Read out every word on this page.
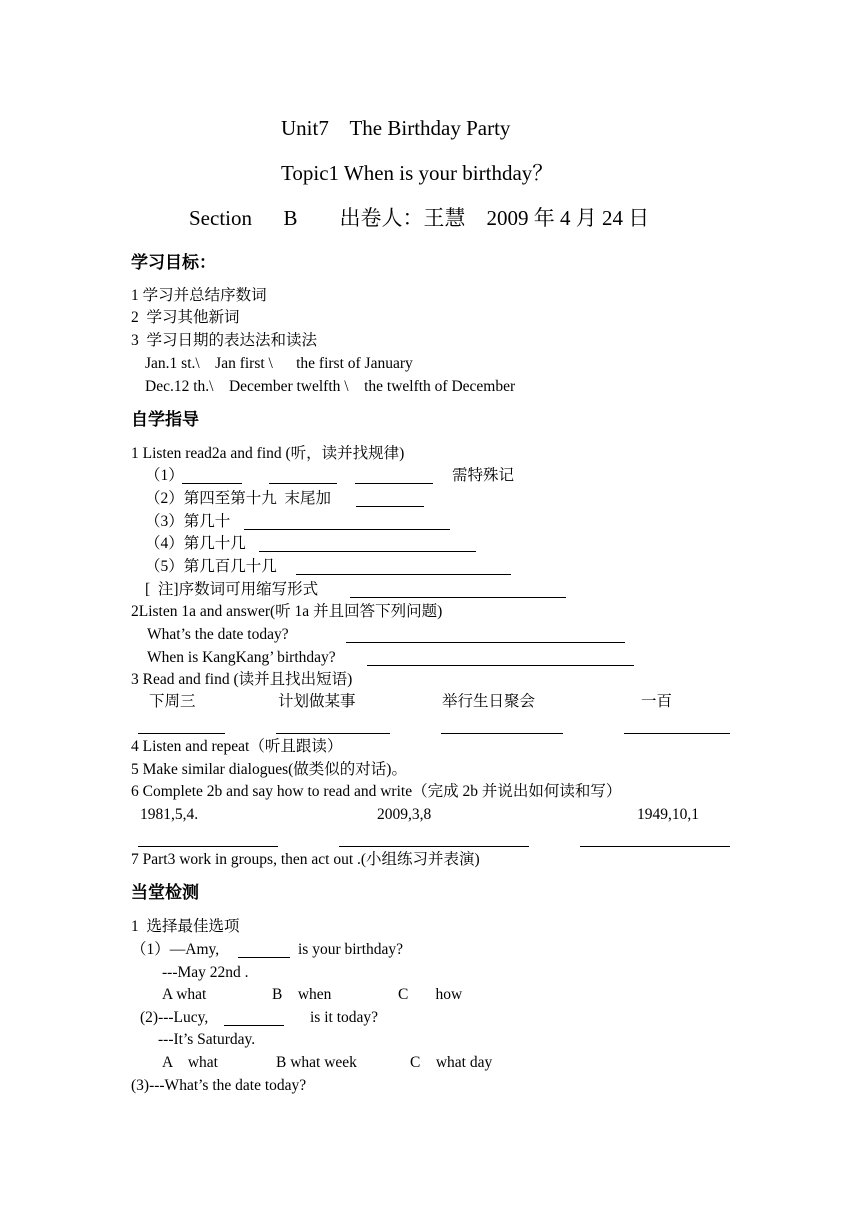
Unit7    The Birthday Party
Topic1 When is your birthday？
Section      B        出卷人：王慧    2009 年 4 月 24 日
学习目标：
1 学习并总结序数词
2  学习其他新词
3  学习日期的表达法和读法
Jan.1 st.\    Jan first \      the first of January
Dec.12 th.\    December twelfth \    the twelfth of December
自学指导
1 Listen read2a and find (听，读并找规律)
（1）	需特殊记
（2）第四至第十九  末尾加
（3）第几十
（4）第几十几
（5）第几百几十几
[  注]序数词可用缩写形式
2Listen 1a and answer(听 1a 并且回答下列问题)
What’s the date today?
When is KangKang’ birthday?
3 Read and find (读并且找出短语)
下周三	计划做某事	举行生日聚会	一百
4 Listen and repeat（听且跟读）
5 Make similar dialogues(做类似的对话)。
6 Complete 2b and say how to read and write（完成 2b 并说出如何读和写）
1981,5,4.	2009,3,8	1949,10,1
7 Part3 work in groups, then act out .(小组练习并表演)
当堂检测
1  选择最佳选项
（1）—Amy,	is your birthday?
---May 22nd .
A what	B    when	C       how
(2)---Lucy,	is it today?
---It’s Saturday.
A    what	B what week	C    what day
(3)---What’s the date today?
